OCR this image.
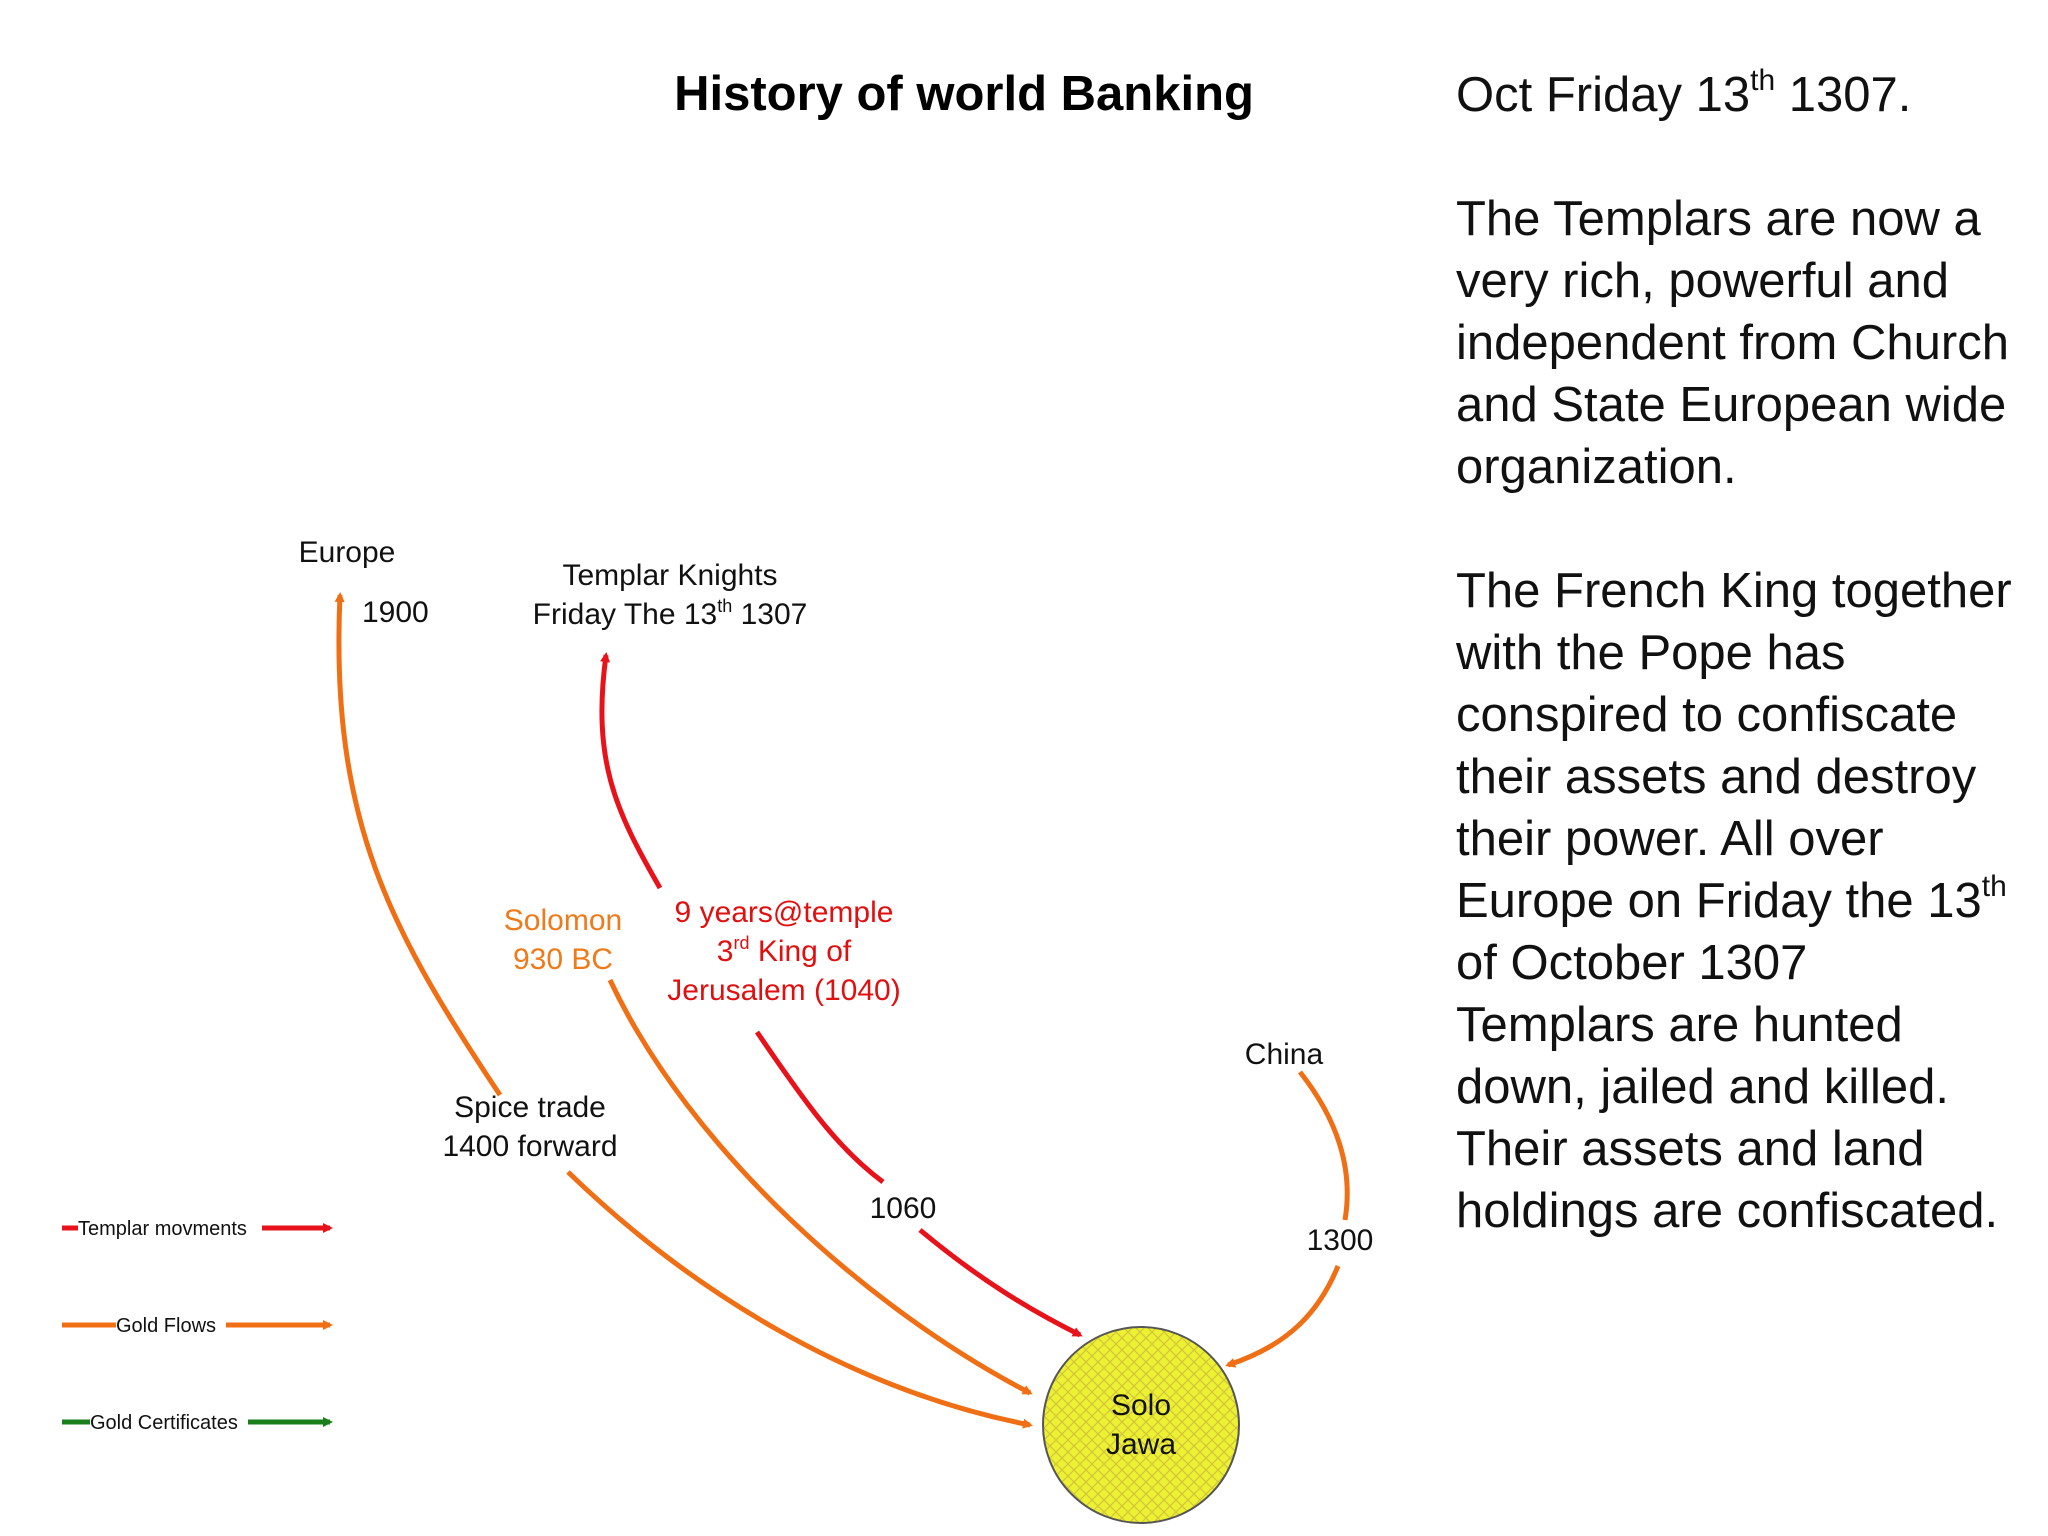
History of world Banking
Solo
Jawa
Europe
1900
Templar Knights
Friday The 13th 1307
Solomon
930 BC
9 years@temple
3rd King of
Jerusalem (1040)
Spice trade
1400 forward
1060
China
1300
Templar movments
Gold Flows
Gold Certificates

Oct Friday 13th 1307.

The Templars are now a very rich, powerful and independent from Church and State European wide organization.

The French King together with the Pope has conspired to confiscate their assets and destroy their power. All over Europe on Friday the 13th of October 1307 Templars are hunted down, jailed and killed. Their assets and land holdings are confiscated.
